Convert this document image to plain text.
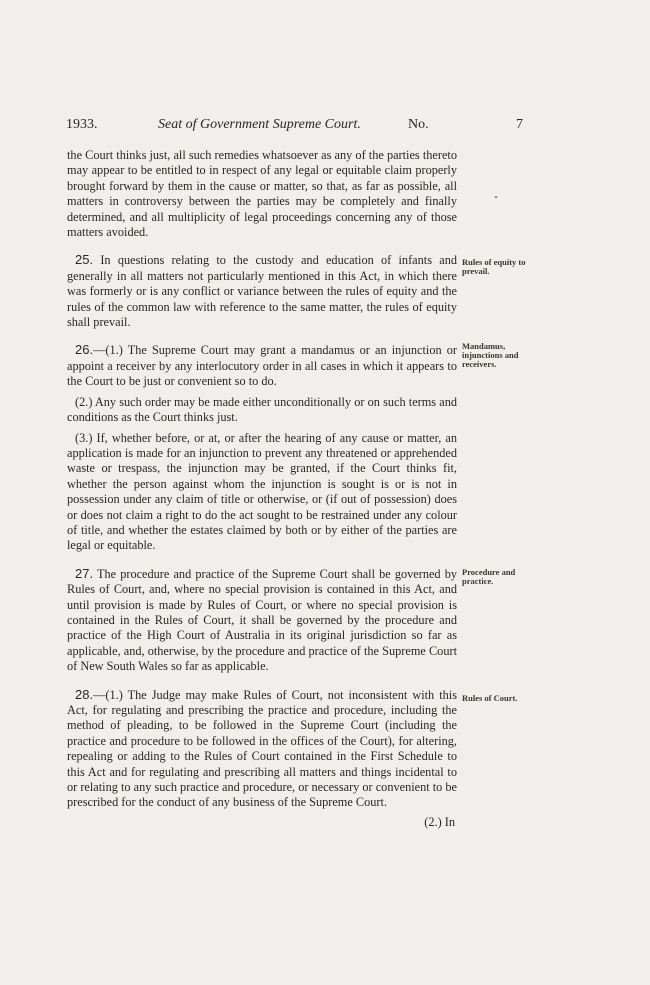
1933.	Seat of Government Supreme Court.	No.	7

the Court thinks just, all such remedies whatsoever as any of the parties thereto may appear to be entitled to in respect of any legal or equitable claim properly brought forward by them in the cause or matter, so that, as far as possible, all matters in controversy between the parties may be completely and finally determined, and all multiplicity of legal proceedings concerning any of those matters avoided.

25. In questions relating to the custody and education of infants and generally in all matters not particularly mentioned in this Act, in which there was formerly or is any conflict or variance between the rules of equity and the rules of the common law with reference to the same matter, the rules of equity shall prevail.

26.—(1.) The Supreme Court may grant a mandamus or an injunction or appoint a receiver by any interlocutory order in all cases in which it appears to the Court to be just or convenient so to do.

(2.) Any such order may be made either unconditionally or on such terms and conditions as the Court thinks just.

(3.) If, whether before, or at, or after the hearing of any cause or matter, an application is made for an injunction to prevent any threatened or apprehended waste or trespass, the injunction may be granted, if the Court thinks fit, whether the person against whom the injunction is sought is or is not in possession under any claim of title or otherwise, or (if out of possession) does or does not claim a right to do the act sought to be restrained under any colour of title, and whether the estates claimed by both or by either of the parties are legal or equitable.

27. The procedure and practice of the Supreme Court shall be governed by Rules of Court, and, where no special provision is contained in this Act, and until provision is made by Rules of Court, or where no special provision is contained in the Rules of Court, it shall be governed by the procedure and practice of the High Court of Australia in its original jurisdiction so far as applicable, and, otherwise, by the procedure and practice of the Supreme Court of New South Wales so far as applicable.

28.—(1.) The Judge may make Rules of Court, not inconsistent with this Act, for regulating and prescribing the practice and procedure, including the method of pleading, to be followed in the Supreme Court (including the practice and procedure to be followed in the offices of the Court), for altering, repealing or adding to the Rules of Court contained in the First Schedule to this Act and for regulating and prescribing all matters and things incidental to or relating to any such practice and procedure, or necessary or convenient to be prescribed for the conduct of any business of the Supreme Court.

(2.) In

Rules of equity to prevail.
Mandamus, injunctions and receivers.
Procedure and practice.
Rules of Court.
